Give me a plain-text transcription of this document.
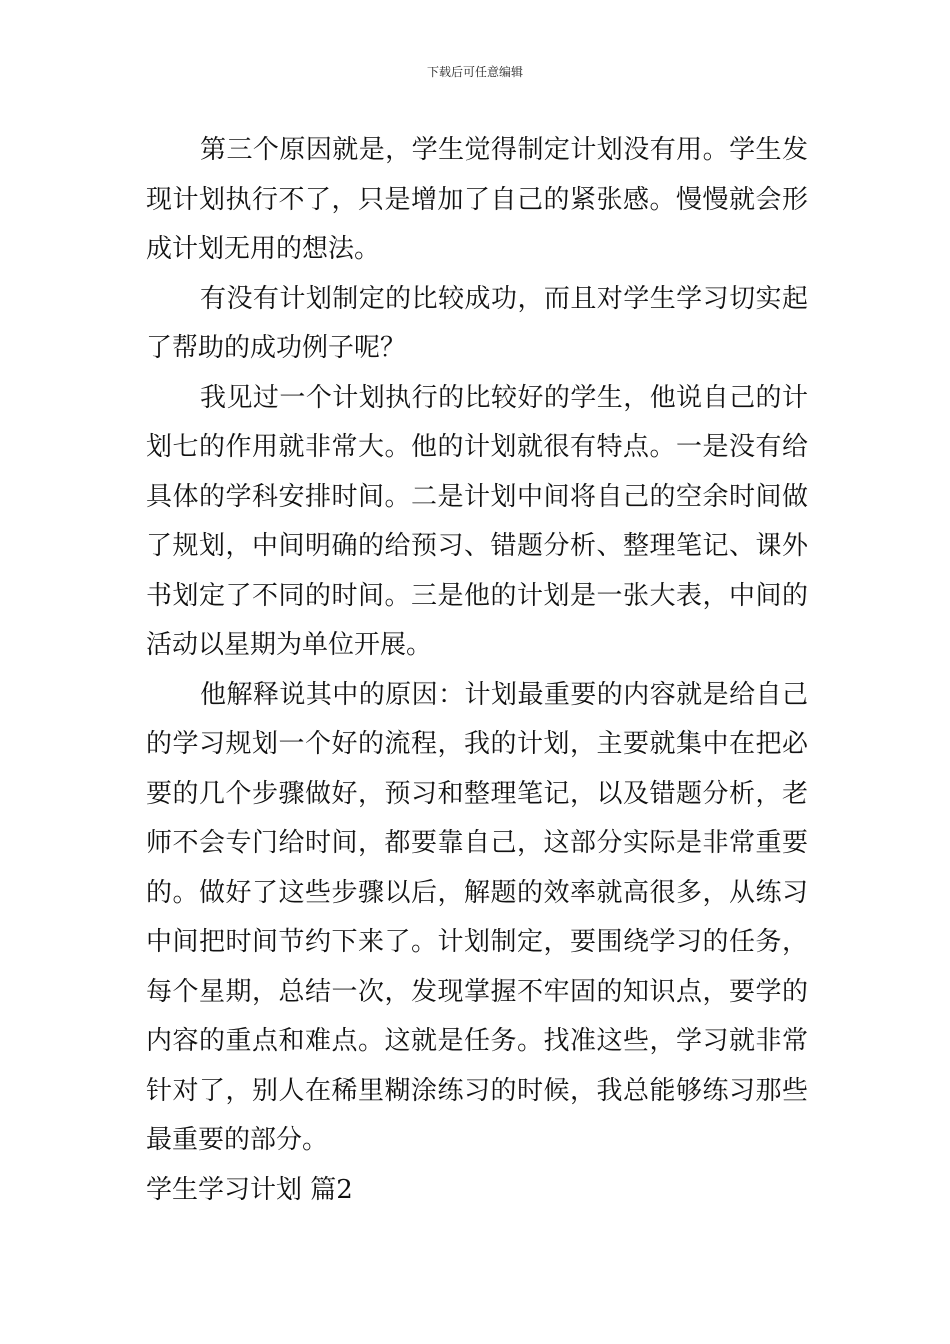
下载后可任意编辑

第三个原因就是，学生觉得制定计划没有用。学生发现计划执行不了，只是增加了自己的紧张感。慢慢就会形成计划无用的想法。

有没有计划制定的比较成功，而且对学生学习切实起了帮助的成功例子呢？

我见过一个计划执行的比较好的学生，他说自己的计划七的作用就非常大。他的计划就很有特点。一是没有给具体的学科安排时间。二是计划中间将自己的空余时间做了规划，中间明确的给预习、错题分析、整理笔记、课外书划定了不同的时间。三是他的计划是一张大表，中间的活动以星期为单位开展。

他解释说其中的原因：计划最重要的内容就是给自己的学习规划一个好的流程，我的计划，主要就集中在把必要的几个步骤做好，预习和整理笔记，以及错题分析，老师不会专门给时间，都要靠自己，这部分实际是非常重要的。做好了这些步骤以后，解题的效率就高很多，从练习中间把时间节约下来了。计划制定，要围绕学习的任务，每个星期，总结一次，发现掌握不牢固的知识点，要学的内容的重点和难点。这就是任务。找准这些，学习就非常针对了，别人在稀里糊涂练习的时候，我总能够练习那些最重要的部分。

学生学习计划 篇2
